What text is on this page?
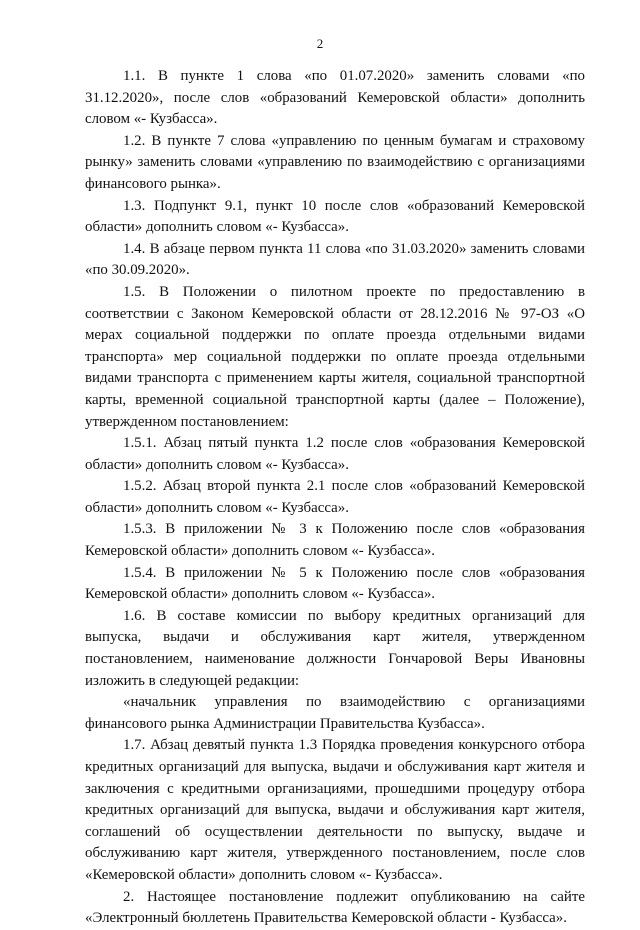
2

1.1. В пункте 1 слова «по 01.07.2020» заменить словами «по 31.12.2020», после слов «образований Кемеровской области» дополнить словом «- Кузбасса».

1.2. В пункте 7 слова «управлению по ценным бумагам и страховому рынку» заменить словами «управлению по взаимодействию с организациями финансового рынка».

1.3. Подпункт 9.1, пункт 10 после слов «образований Кемеровской области» дополнить словом «- Кузбасса».

1.4. В абзаце первом пункта 11 слова «по 31.03.2020» заменить словами «по 30.09.2020».

1.5. В Положении о пилотном проекте по предоставлению в соответствии с Законом Кемеровской области от 28.12.2016 № 97-ОЗ «О мерах социальной поддержки по оплате проезда отдельными видами транспорта» мер социальной поддержки по оплате проезда отдельными видами транспорта с применением карты жителя, социальной транспортной карты, временной социальной транспортной карты (далее – Положение), утвержденном постановлением:

1.5.1. Абзац пятый пункта 1.2 после слов «образования Кемеровской области» дополнить словом «- Кузбасса».

1.5.2. Абзац второй пункта 2.1 после слов «образований Кемеровской области» дополнить словом «- Кузбасса».

1.5.3. В приложении № 3 к Положению после слов «образования Кемеровской области» дополнить словом «- Кузбасса».

1.5.4. В приложении № 5 к Положению после слов «образования Кемеровской области» дополнить словом «- Кузбасса».

1.6. В составе комиссии по выбору кредитных организаций для выпуска, выдачи и обслуживания карт жителя, утвержденном постановлением, наименование должности Гончаровой Веры Ивановны изложить в следующей редакции:

«начальник управления по взаимодействию с организациями финансового рынка Администрации Правительства Кузбасса».

1.7. Абзац девятый пункта 1.3 Порядка проведения конкурсного отбора кредитных организаций для выпуска, выдачи и обслуживания карт жителя и заключения с кредитными организациями, прошедшими процедуру отбора кредитных организаций для выпуска, выдачи и обслуживания карт жителя, соглашений об осуществлении деятельности по выпуску, выдаче и обслуживанию карт жителя, утвержденного постановлением, после слов «Кемеровской области» дополнить словом «- Кузбасса».

2. Настоящее постановление подлежит опубликованию на сайте «Электронный бюллетень Правительства Кемеровской области - Кузбасса».
